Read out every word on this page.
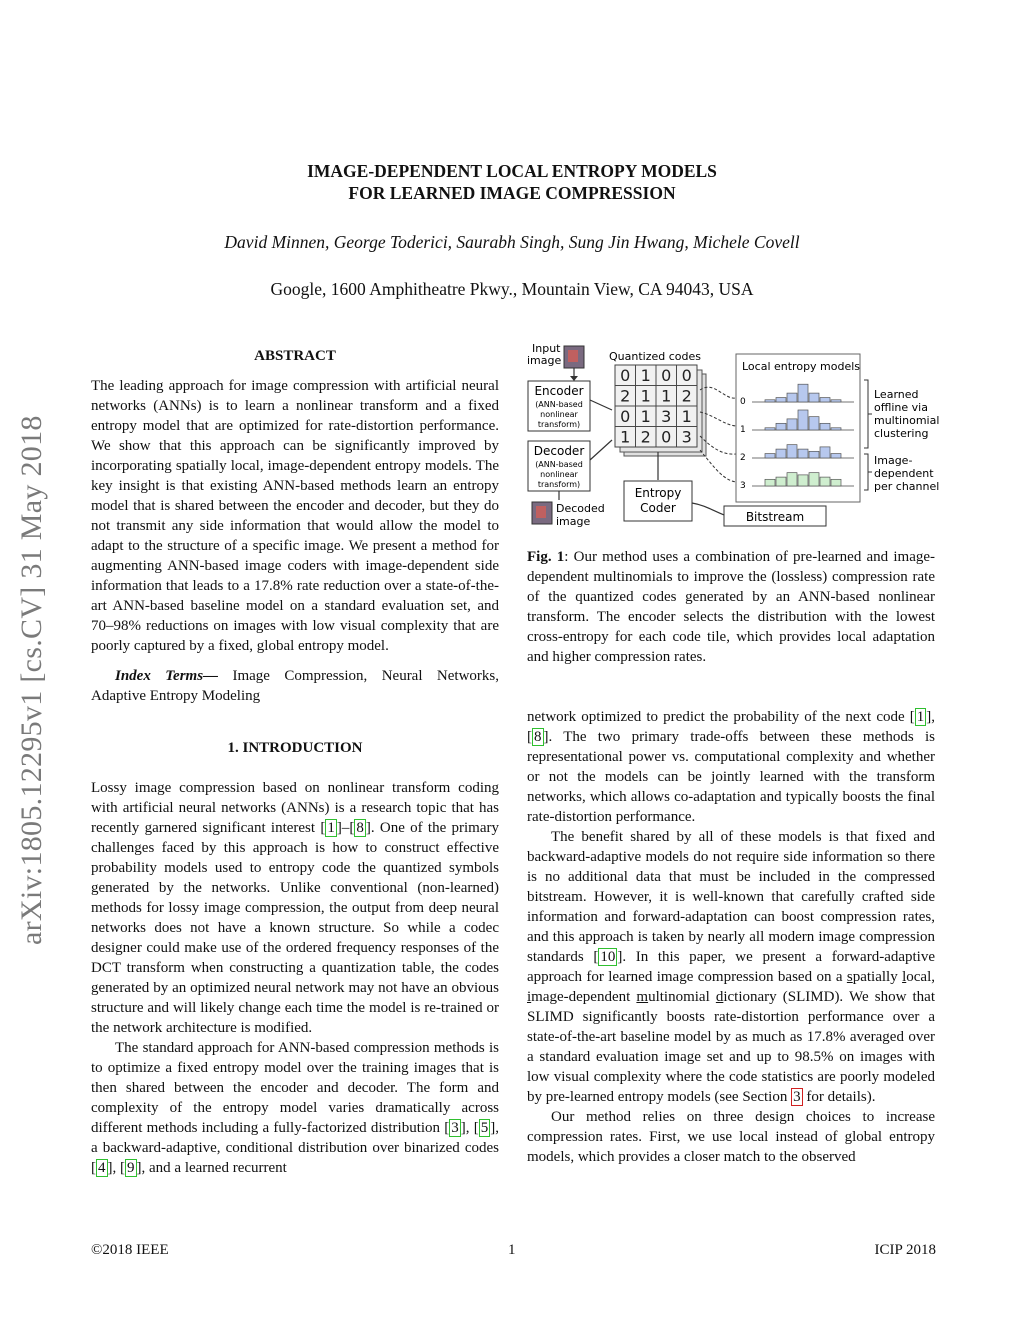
IMAGE-DEPENDENT LOCAL ENTROPY MODELS
FOR LEARNED IMAGE COMPRESSION
David Minnen, George Toderici, Saurabh Singh, Sung Jin Hwang, Michele Covell
Google, 1600 Amphitheatre Pkwy., Mountain View, CA 94043, USA
arXiv:1805.12295v1 [cs.CV] 31 May 2018
ABSTRACT

The leading approach for image compression with artificial neural networks (ANNs) is to learn a nonlinear transform and a fixed entropy model that are optimized for rate-distortion performance. We show that this approach can be significantly improved by incorporating spatially local, image-dependent entropy models. The key insight is that existing ANN-based methods learn an entropy model that is shared between the encoder and decoder, but they do not transmit any side information that would allow the model to adapt to the structure of a specific image. We present a method for augmenting ANN-based image coders with image-dependent side information that leads to a 17.8% rate reduction over a state-of-the-art ANN-based baseline model on a standard evaluation set, and 70–98% reductions on images with low visual complexity that are poorly captured by a fixed, global entropy model.

Index Terms— Image Compression, Neural Networks, Adaptive Entropy Modeling

1. INTRODUCTION

Lossy image compression based on nonlinear transform coding with artificial neural networks (ANNs) is a research topic that has recently garnered significant interest [ 1 ]–[ 8 ]. One of the primary challenges faced by this approach is how to construct effective probability models used to entropy code the quantized symbols generated by the networks. Unlike conventional (non-learned) methods for lossy image compression, the output from deep neural networks does not have a known structure. So while a codec designer could make use of the ordered frequency responses of the DCT transform when constructing a quantization table, the codes generated by an optimized neural network may not have an obvious structure and will likely change each time the model is re-trained or the network architecture is modified.

The standard approach for ANN-based compression methods is to optimize a fixed entropy model over the training images that is then shared between the encoder and decoder. The form and complexity of the entropy model varies dramatically across different methods including a fully-factorized distribution [ 3 ], [ 5 ], a backward-adaptive, conditional distribution over binarized codes [ 4 ], [ 9 ], and a learned recurrent

Input
image
Encoder
(ANN-based nonlinear transform)
Decoder
(ANN-based nonlinear transform)
Decoded
image
Quantized codes
0 1 0 0
2 1 1 2
0 1 3 1
1 2 0 3
Entropy
Coder
Bitstream
Local entropy models
0
1
2
3
Learned offline via multinomial clustering
Image-dependent per channel
Fig. 1: Our method uses a combination of pre-learned and image-dependent multinomials to improve the (lossless) compression rate of the quantized codes generated by an ANN-based nonlinear transform. The encoder selects the distribution with the lowest cross-entropy for each code tile, which provides local adaptation and higher compression rates.

network optimized to predict the probability of the next code [ 1 ], [ 8 ]. The two primary trade-offs between these methods is representational power vs. computational complexity and whether or not the models can be jointly learned with the transform networks, which allows co-adaptation and typically boosts the final rate-distortion performance.

The benefit shared by all of these models is that fixed and backward-adaptive models do not require side information so there is no additional data that must be included in the compressed bitstream. However, it is well-known that carefully crafted side information and forward-adaptation can boost compression rates, and this approach is taken by nearly all modern image compression standards [ 10 ]. In this paper, we present a forward-adaptive approach for learned image compression based on a spatially local, image-dependent multinomial dictionary (SLIMD). We show that SLIMD significantly boosts rate-distortion performance over a state-of-the-art baseline model by as much as 17.8% averaged over a standard evaluation image set and up to 98.5% on images with low visual complexity where the code statistics are poorly modeled by pre-learned entropy models (see Section 3 for details).

Our method relies on three design choices to increase compression rates. First, we use local instead of global entropy models, which provides a closer match to the observed

©2018 IEEE	1	ICIP 2018
